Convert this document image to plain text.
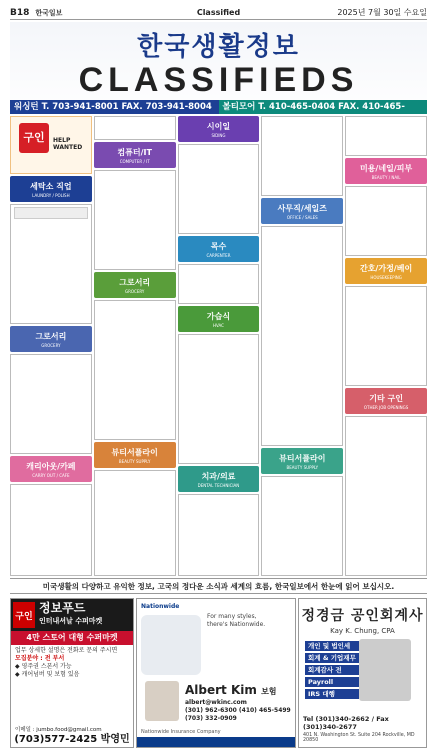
B18 한국일보	Classified	2025년 7월 30일 수요일
한국생활정보
CLASSIFIEDS
워싱턴 T. 703-941-8001 FAX. 703-941-8004	볼티모어 T. 410-465-0404 FAX. 410-465-
구인	HELP
WANTED
세탁소 직업
LAUNDRY / POLISH
그로서리
GROCERY
캐리아웃/카페
CARRY OUT / CAFE
컴퓨터/IT
COMPUTER / IT
그로서리
GROCERY
뷰티서플라이
BEAUTY SUPPLY
시이일
SIDING
목수
CARPENTER
가습식
HVAC
치과/의료
DENTAL TECHNICIAN
사무직/세일즈
OFFICE / SALES
뷰티서플라이
BEAUTY SUPPLY
미용/네일/피부
BEAUTY / NAIL
간호/가정/베이
HOUSEKEEPING
기타 구인
OTHER JOB OPENINGS
미국생활의 다양하고 유익한 정보, 고국의 정다운 소식과 세계의 흐름, 한국일보에서 한눈에 읽어 보십시오.
구인
정보푸드
인터내셔날 수퍼마켓
4만 스토어 대형 수퍼마켓
업무 상세한 설명은 전화로 문의 주시면
모집분야 : 전 부서
◆ 영주권 스폰서 가능
◆ 캐어넘버 및 보험 있음
이메일 : jumbo.food@gmail.com
(703)577-2425 박영민
Nationwide
For many styles,
there's Nationwide.
Albert Kim 보험
albert@wkinc.com
(301) 962-6300 (410) 465-5499
(703) 332-0909
Nationwide Insurance Company
정경금 공인회계사
Kay K. Chung, CPA
개인 및 법인세
회계 & 기업재무
회계감사 전
Payroll
IRS 대행
Tel (301)340-2662 / Fax (301)340-2677
401 N. Washington St. Suite 204 Rockville, MD 20850
